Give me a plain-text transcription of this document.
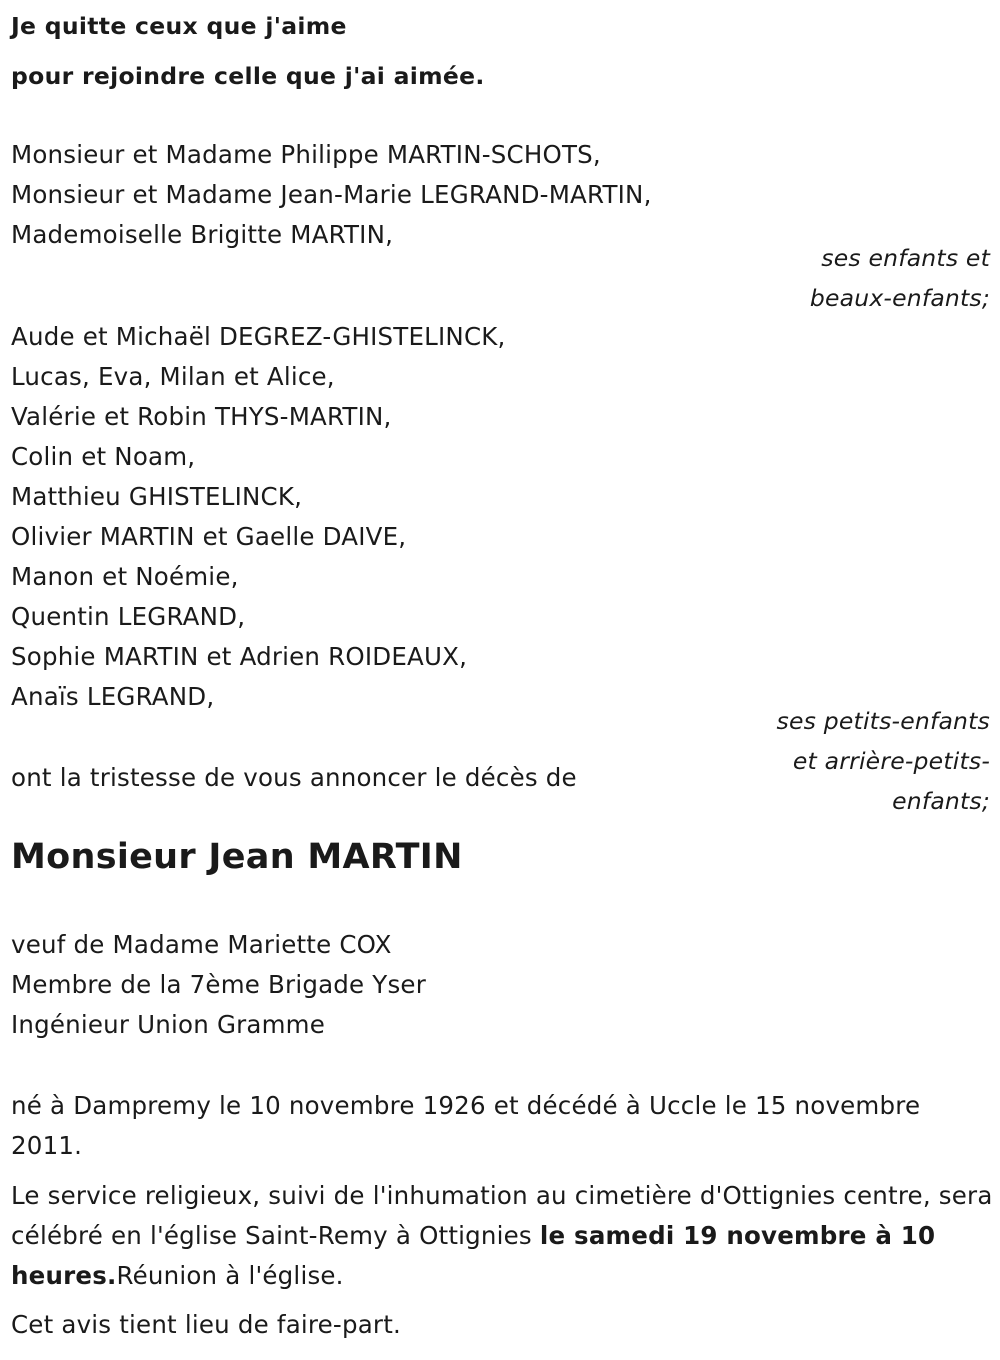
Je quitte ceux que j'aime
pour rejoindre celle que j'ai aimée.
Monsieur et Madame Philippe MARTIN-SCHOTS,
Monsieur et Madame Jean-Marie LEGRAND-MARTIN,
Mademoiselle Brigitte MARTIN,
ses enfants et
beaux-enfants;
Aude et Michaël DEGREZ-GHISTELINCK,
Lucas, Eva, Milan et Alice,
Valérie et Robin THYS-MARTIN,
Colin et Noam,
Matthieu GHISTELINCK,
Olivier MARTIN et Gaelle DAIVE,
Manon et Noémie,
Quentin LEGRAND,
Sophie MARTIN et Adrien ROIDEAUX,
Anaïs LEGRAND,
ses petits-enfants
et arrière-petits-
enfants;
ont la tristesse de vous annoncer le décès de
Monsieur Jean MARTIN
veuf de Madame Mariette COX
Membre de la 7ème Brigade Yser
Ingénieur Union Gramme
né à Dampremy le 10 novembre 1926 et décédé à Uccle le 15 novembre 2011.
Le service religieux, suivi de l'inhumation au cimetière d'Ottignies centre, sera célébré en l'église Saint-Remy à Ottignies le samedi 19 novembre à 10 heures.Réunion à l'église.
Cet avis tient lieu de faire-part.
